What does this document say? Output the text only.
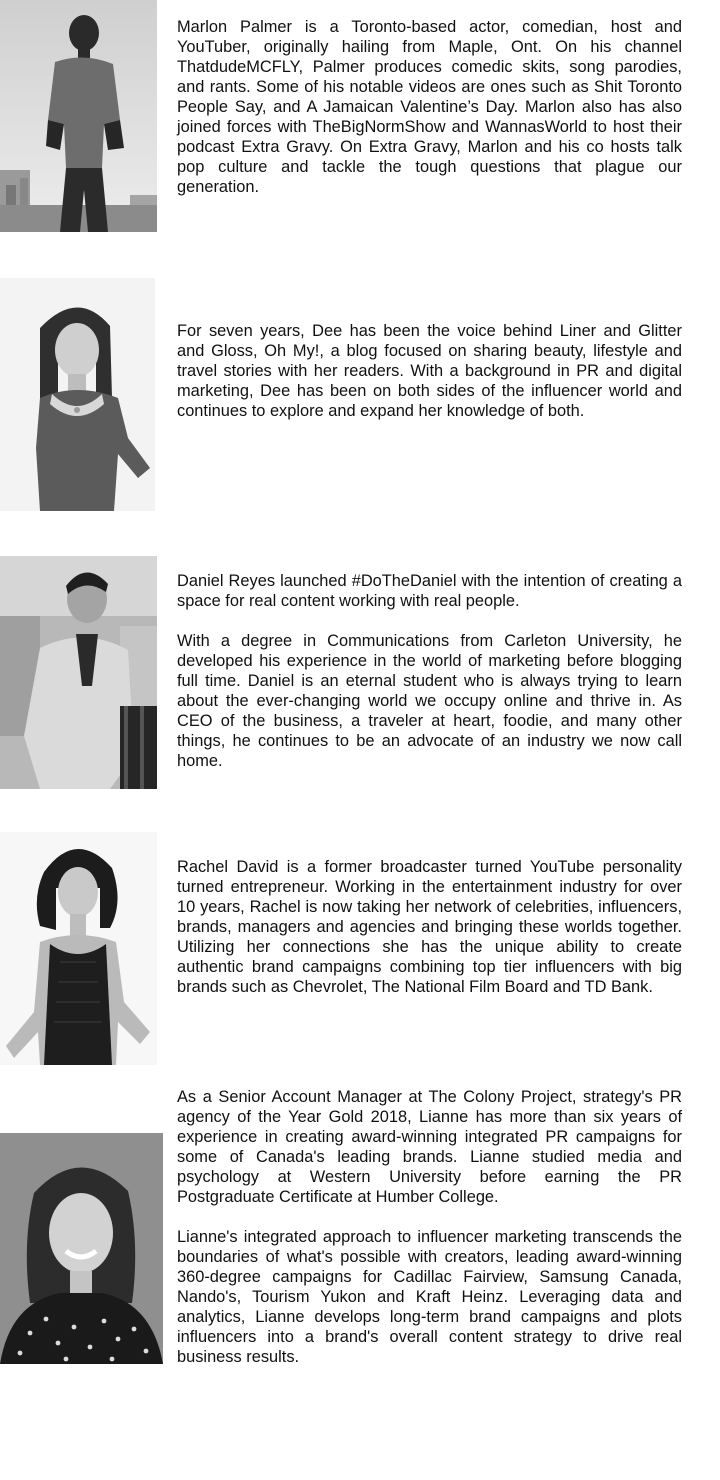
Marlon Palmer is a Toronto-based actor, comedian, host and YouTuber, originally hailing from Maple, Ont. On his channel ThatdudeMCFLY, Palmer produces comedic skits, song parodies, and rants. Some of his notable videos are ones such as Shit Toronto People Say, and A Jamaican Valentine’s Day. Marlon also has also joined forces with TheBigNormShow and WannasWorld to host their podcast Extra Gravy. On Extra Gravy, Marlon and his co hosts talk pop culture and tackle the tough questions that plague our generation.

For seven years, Dee has been the voice behind Liner and Glitter and Gloss, Oh My!, a blog focused on sharing beauty, lifestyle and travel stories with her readers. With a background in PR and digital marketing, Dee has been on both sides of the influencer world and continues to explore and expand her knowledge of both.

Daniel Reyes launched #DoTheDaniel with the intention of creating a space for real content working with real people.

With a degree in Communications from Carleton University, he developed his experience in the world of marketing before blogging full time. Daniel is an eternal student who is always trying to learn about the ever-changing world we occupy online and thrive in. As CEO of the business, a traveler at heart, foodie, and many other things, he continues to be an advocate of an industry we now call home.

Rachel David is a former broadcaster turned YouTube personality turned entrepreneur. Working in the entertainment industry for over 10 years, Rachel is now taking her network of celebrities, influencers, brands, managers and agencies and bringing these worlds together. Utilizing her connections she has the unique ability to create authentic brand campaigns combining top tier influencers with big brands such as Chevrolet, The National Film Board and TD Bank.

As a Senior Account Manager at The Colony Project, strategy's PR agency of the Year Gold 2018, Lianne has more than six years of experience in creating award-winning integrated PR campaigns for some of Canada's leading brands. Lianne studied media and psychology at Western University before earning the PR Postgraduate Certificate at Humber College.

Lianne's integrated approach to influencer marketing transcends the boundaries of what's possible with creators, leading award-winning 360-degree campaigns for Cadillac Fairview, Samsung Canada, Nando's, Tourism Yukon and Kraft Heinz. Leveraging data and analytics, Lianne develops long-term brand campaigns and plots influencers into a brand's overall content strategy to drive real business results.
